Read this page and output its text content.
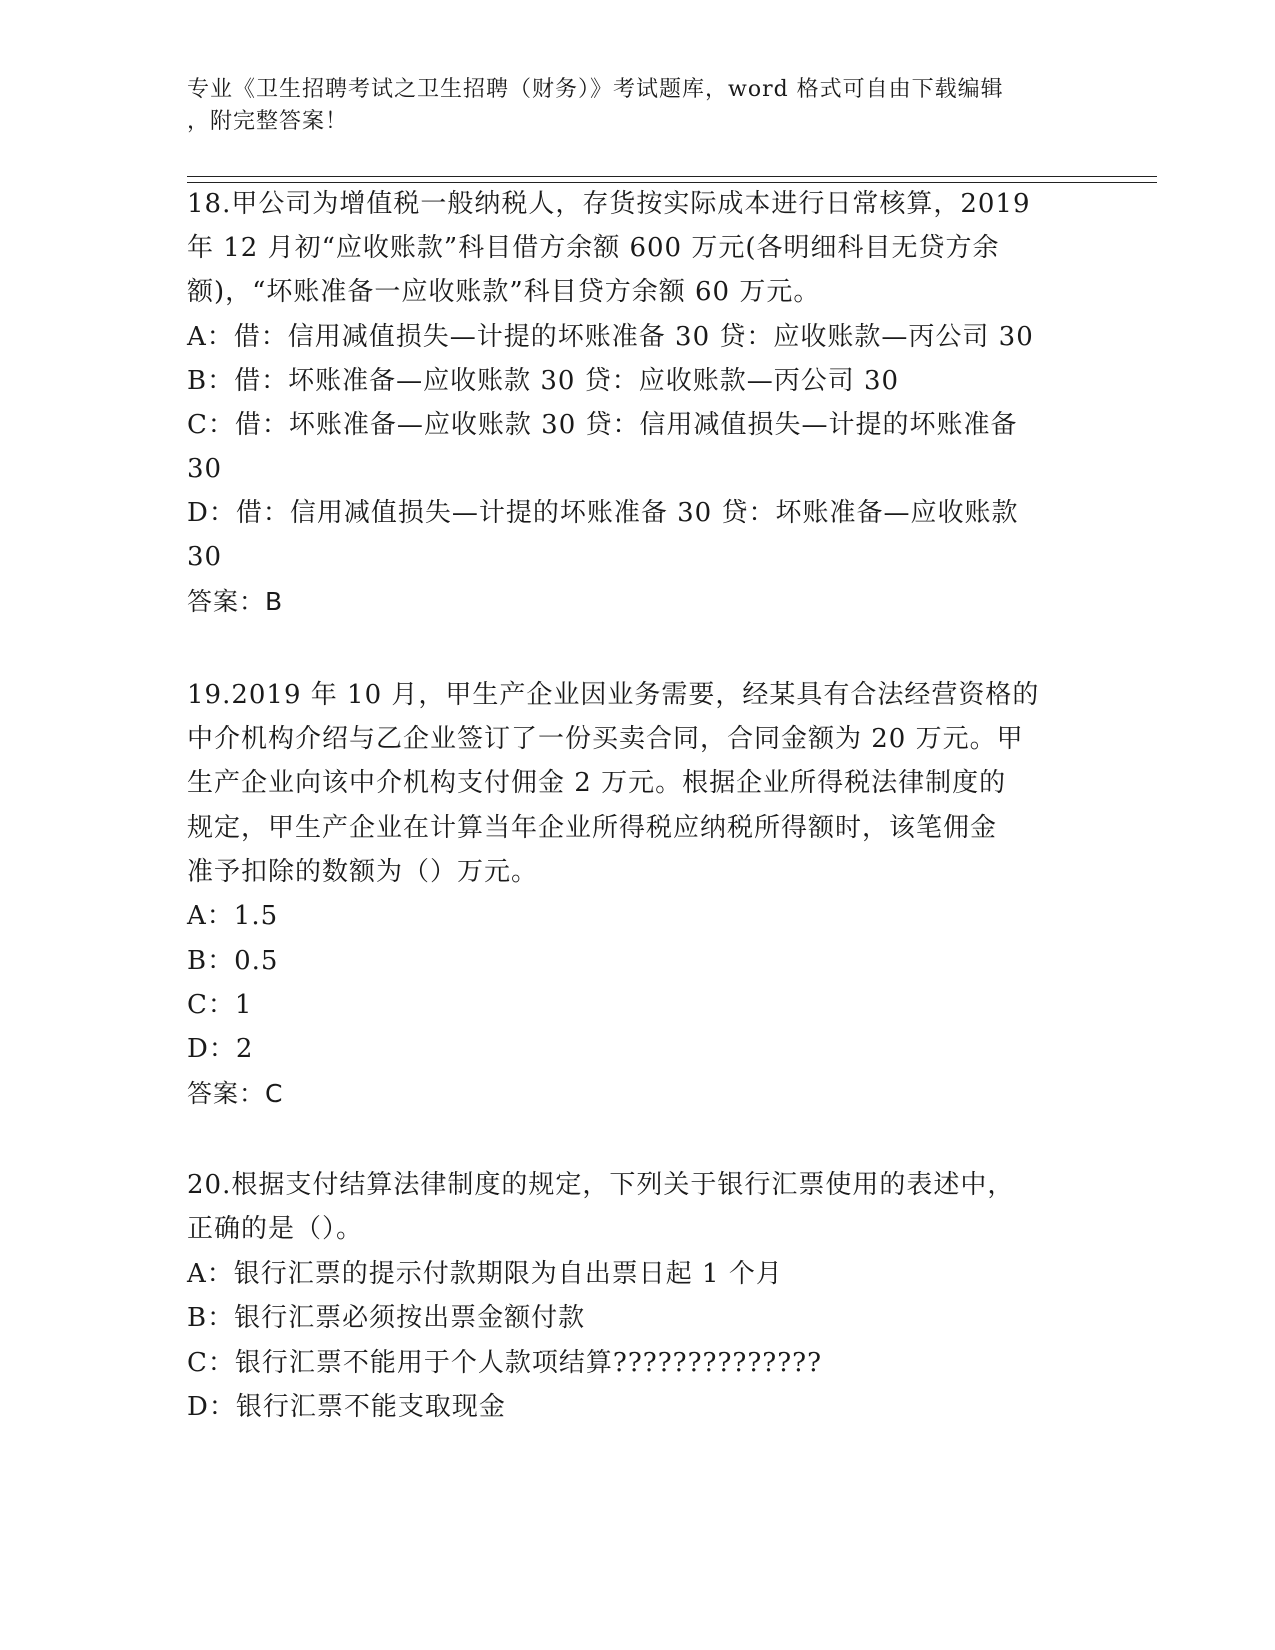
专业《卫生招聘考试之卫生招聘（财务）》考试题库，word 格式可自由下载编辑
，附完整答案！
18.甲公司为增值税一般纳税人，存货按实际成本进行日常核算，2019
年 12 月初“应收账款”科目借方余额 600 万元(各明细科目无贷方余
额)，“坏账准备一应收账款”科目贷方余额 60 万元。
A：借：信用减值损失—计提的坏账准备 30 贷：应收账款—丙公司 30
B：借：坏账准备—应收账款 30 贷：应收账款—丙公司 30
C：借：坏账准备—应收账款 30 贷：信用减值损失—计提的坏账准备
30
D：借：信用减值损失—计提的坏账准备 30 贷：坏账准备—应收账款
30
答案：B
19.2019 年 10 月，甲生产企业因业务需要，经某具有合法经营资格的
中介机构介绍与乙企业签订了一份买卖合同，合同金额为 20 万元。甲
生产企业向该中介机构支付佣金 2 万元。根据企业所得税法律制度的
规定，甲生产企业在计算当年企业所得税应纳税所得额时，该笔佣金
准予扣除的数额为（）万元。
A：1.5
B：0.5
C：1
D：2
答案：C
20.根据支付结算法律制度的规定，下列关于银行汇票使用的表述中，
正确的是（）。
A：银行汇票的提示付款期限为自出票日起 1 个月
B：银行汇票必须按出票金额付款
C：银行汇票不能用于个人款项结算??????????????
D：银行汇票不能支取现金
